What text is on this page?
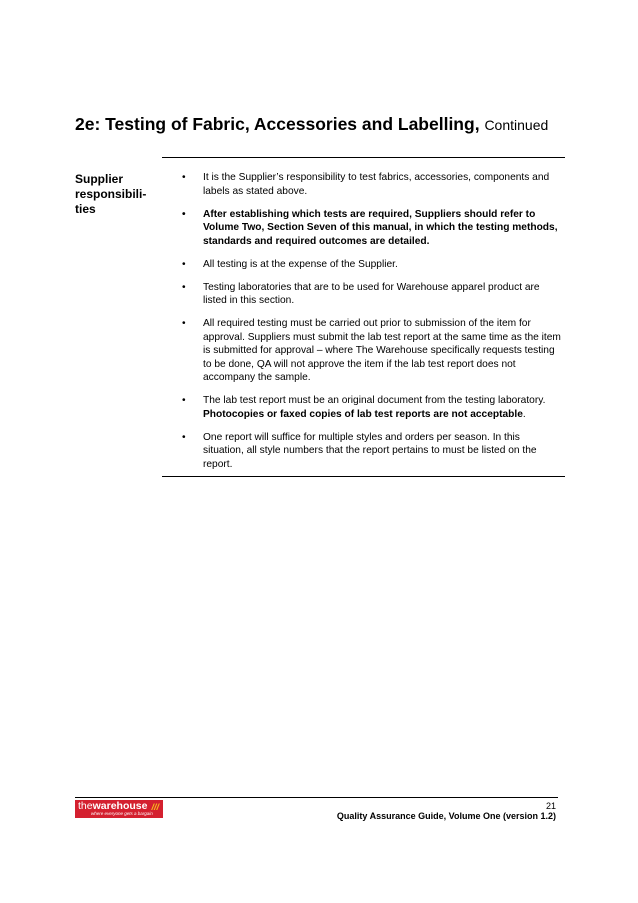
2e: Testing of Fabric, Accessories and Labelling, Continued
Supplier
responsibili-
ties
• It is the Supplier’s responsibility to test fabrics, accessories, components and labels as stated above.
• After establishing which tests are required, Suppliers should refer to Volume Two, Section Seven of this manual, in which the testing methods, standards and required outcomes are detailed.
• All testing is at the expense of the Supplier.
• Testing laboratories that are to be used for Warehouse apparel product are listed in this section.
• All required testing must be carried out prior to submission of the item for approval. Suppliers must submit the lab test report at the same time as the item is submitted for approval – where The Warehouse specifically requests testing to be done, QA will not approve the item if the lab test report does not accompany the sample.
• The lab test report must be an original document from the testing laboratory. Photocopies or faxed copies of lab test reports are not acceptable.
• One report will suffice for multiple styles and orders per season. In this situation, all style numbers that the report pertains to must be listed on the report.
thewarehouse ///
where everyone gets a bargain
21
Quality Assurance Guide, Volume One (version 1.2)
